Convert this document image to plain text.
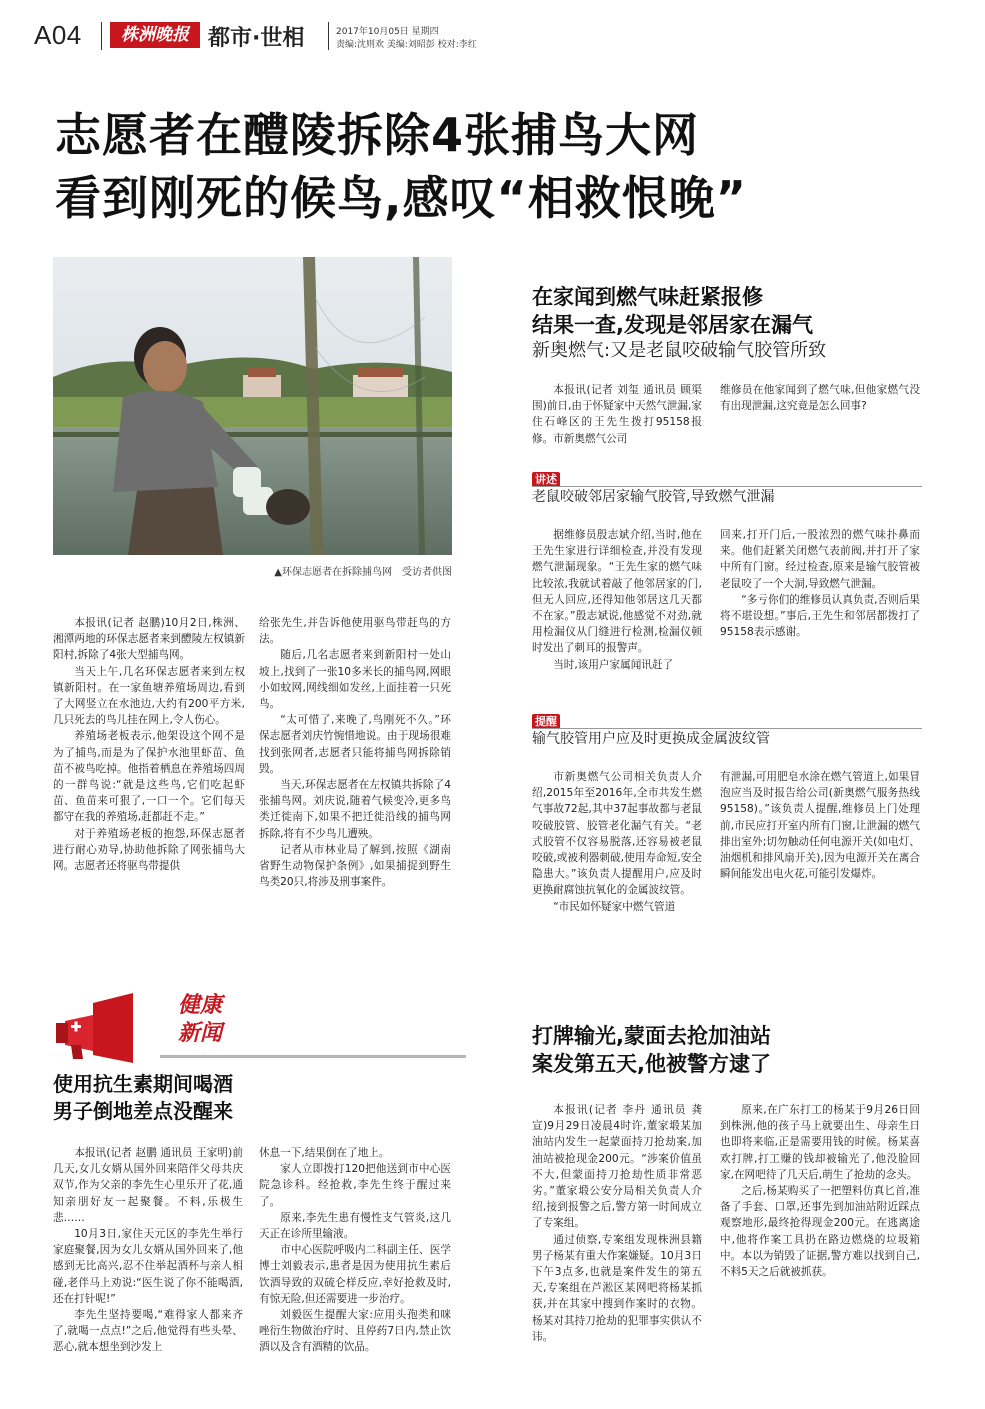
A04	株洲晚报 都市·世相	2017年10月05日 星期四
责编:沈则欢 美编:刘昭彭 校对:李红
志愿者在醴陵拆除4张捕鸟大网
看到刚死的候鸟,感叹“相救恨晚”
▲环保志愿者在拆除捕鸟网　受访者供图

本报讯(记者 赵鹏)10月2日,株洲、湘潭两地的环保志愿者来到醴陵左权镇新阳村,拆除了4张大型捕鸟网。

当天上午,几名环保志愿者来到左权镇新阳村。在一家鱼塘养殖场周边,看到了大网竖立在水池边,大约有200平方米,几只死去的鸟儿挂在网上,令人伤心。

养殖场老板表示,他架设这个网不是为了捕鸟,而是为了保护水池里虾苗、鱼苗不被鸟吃掉。他指着栖息在养殖场四周的一群鸟说:“就是这些鸟,它们吃起虾苗、鱼苗来可狠了,一口一个。它们每天都守在我的养殖场,赶都赶不走。”

对于养殖场老板的抱怨,环保志愿者进行耐心劝导,协助他拆除了网张捕鸟大网。志愿者还将驱鸟带提供

给张先生,并告诉他使用驱鸟带赶鸟的方法。

随后,几名志愿者来到新阳村一处山坡上,找到了一张10多米长的捕鸟网,网眼小如蚊网,网线细如发丝,上面挂着一只死鸟。

“太可惜了,来晚了,鸟刚死不久。”环保志愿者刘庆竹惋惜地说。由于现场很难找到张网者,志愿者只能将捕鸟网拆除销毁。

当天,环保志愿者在左权镇共拆除了4张捕鸟网。刘庆说,随着气候变冷,更多鸟类迁徙南下,如果不把迁徙沿线的捕鸟网拆除,将有不少鸟儿遭殃。

记者从市林业局了解到,按照《湖南省野生动物保护条例》,如果捕捉到野生鸟类20只,将涉及刑事案件。

在家闻到燃气味赶紧报修
结果一查,发现是邻居家在漏气
新奥燃气:又是老鼠咬破输气胶管所致

本报讯(记者 刘玺 通讯员 顾渠围)前日,由于怀疑家中天然气泄漏,家住石峰区的王先生拨打95158报修。市新奥燃气公司

维修员在他家闻到了燃气味,但他家燃气没有出现泄漏,这究竟是怎么回事?

讲述
老鼠咬破邻居家输气胶管,导致燃气泄漏

据维修员殷志斌介绍,当时,他在王先生家进行详细检查,并没有发现燃气泄漏现象。“王先生家的燃气味比较浓,我就试着敲了他邻居家的门,但无人回应,还得知他邻居这几天都不在家。”殷志斌说,他感觉不对劲,就用检漏仪从门缝进行检测,检漏仪顿时发出了刺耳的报警声。

当时,该用户家属闻讯赶了

回来,打开门后,一股浓烈的燃气味扑鼻而来。他们赶紧关闭燃气表前阀,并打开了家中所有门窗。经过检查,原来是输气胶管被老鼠咬了一个大洞,导致燃气泄漏。

“多亏你们的维修员认真负责,否则后果将不堪设想。”事后,王先生和邻居都拨打了95158表示感谢。

提醒
输气胶管用户应及时更换成金属波纹管

市新奥燃气公司相关负责人介绍,2015年至2016年,全市共发生燃气事故72起,其中37起事故都与老鼠咬破胶管、胶管老化漏气有关。“老式胶管不仅容易脱落,还容易被老鼠咬破,或被利器刺破,使用寿命短,安全隐患大。”该负责人提醒用户,应及时更换耐腐蚀抗氧化的金属波纹管。

“市民如怀疑家中燃气管道

有泄漏,可用肥皂水涂在燃气管道上,如果冒泡应当及时报告给公司(新奥燃气服务热线95158)。”该负责人提醒,维修员上门处理前,市民应打开室内所有门窗,让泄漏的燃气排出室外;切勿触动任何电源开关(如电灯、油烟机和排风扇开关),因为电源开关在离合瞬间能发出电火花,可能引发爆炸。

健康
新闻
使用抗生素期间喝酒
男子倒地差点没醒来

本报讯(记者 赵鹏 通讯员 王家明)前几天,女儿女婿从国外回来陪伴父母共庆双节,作为父亲的李先生心里乐开了花,通知亲朋好友一起聚餐。不料,乐极生悲……

10月3日,家住天元区的李先生举行家庭聚餐,因为女儿女婿从国外回来了,他感到无比高兴,忍不住举起酒杯与亲人相碰,老伴马上劝说:“医生说了你不能喝酒,还在打针呢!”

李先生坚持要喝,“难得家人都来齐了,就喝一点点!”之后,他觉得有些头晕、恶心,就本想坐到沙发上

休息一下,结果倒在了地上。

家人立即拨打120把他送到市中心医院急诊科。经抢救,李先生终于醒过来了。

原来,李先生患有慢性支气管炎,这几天正在诊所里输液。

市中心医院呼吸内二科副主任、医学博士刘毅表示,患者是因为使用抗生素后饮酒导致的双硫仑样反应,幸好抢救及时,有惊无险,但还需要进一步治疗。

刘毅医生提醒大家:应用头孢类和咪唑衍生物做治疗时、且停药7日内,禁止饮酒以及含有酒精的饮品。

打牌输光,蒙面去抢加油站
案发第五天,他被警方逮了

本报讯(记者 李丹 通讯员 龚宣)9月29日凌晨4时许,董家塅某加油站内发生一起蒙面持刀抢劫案,加油站被抢现金200元。“涉案价值虽不大,但蒙面持刀抢劫性质非常恶劣。”董家塅公安分局相关负责人介绍,接到报警之后,警方第一时间成立了专案组。

通过侦察,专案组发现株洲县籍男子杨某有重大作案嫌疑。10月3日下午3点多,也就是案件发生的第五天,专案组在芦淞区某网吧将杨某抓获,并在其家中搜到作案时的衣物。杨某对其持刀抢劫的犯罪事实供认不讳。

原来,在广东打工的杨某于9月26日回到株洲,他的孩子马上就要出生、母亲生日也即将来临,正是需要用钱的时候。杨某喜欢打牌,打工赚的钱却被输光了,他没脸回家,在网吧待了几天后,萌生了抢劫的念头。

之后,杨某购买了一把塑料仿真匕首,准备了手套、口罩,还事先到加油站附近踩点观察地形,最终抢得现金200元。在逃离途中,他将作案工具扔在路边燃烧的垃圾箱中。本以为销毁了证据,警方难以找到自己,不料5天之后就被抓获。
